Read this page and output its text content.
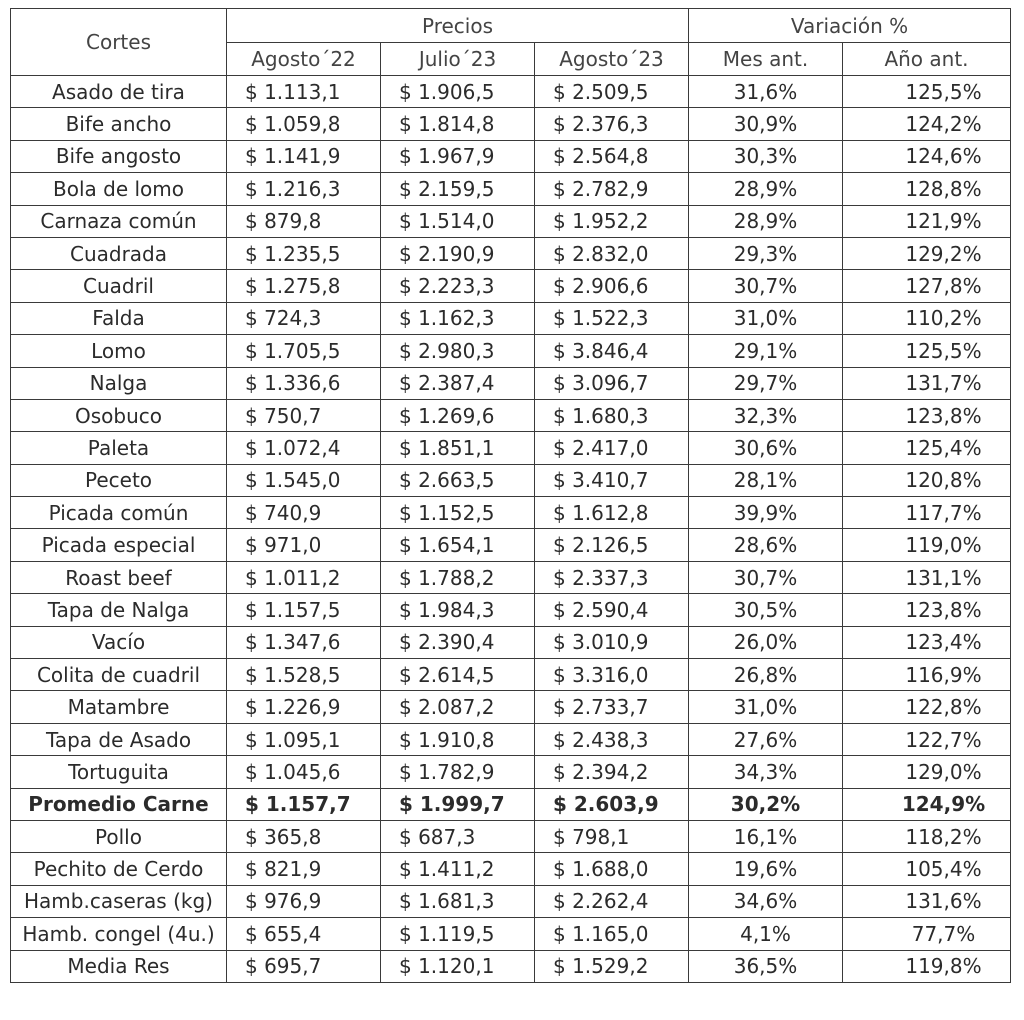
Cortes	Precios			Variación %	
	Agosto´22	Julio´23	Agosto´23	Mes ant.	Año ant.
Asado de tira	$ 1.113,1	$ 1.906,5	$ 2.509,5	31,6%	125,5%
Bife ancho	$ 1.059,8	$ 1.814,8	$ 2.376,3	30,9%	124,2%
Bife angosto	$ 1.141,9	$ 1.967,9	$ 2.564,8	30,3%	124,6%
Bola de lomo	$ 1.216,3	$ 2.159,5	$ 2.782,9	28,9%	128,8%
Carnaza común	$ 879,8	$ 1.514,0	$ 1.952,2	28,9%	121,9%
Cuadrada	$ 1.235,5	$ 2.190,9	$ 2.832,0	29,3%	129,2%
Cuadril	$ 1.275,8	$ 2.223,3	$ 2.906,6	30,7%	127,8%
Falda	$ 724,3	$ 1.162,3	$ 1.522,3	31,0%	110,2%
Lomo	$ 1.705,5	$ 2.980,3	$ 3.846,4	29,1%	125,5%
Nalga	$ 1.336,6	$ 2.387,4	$ 3.096,7	29,7%	131,7%
Osobuco	$ 750,7	$ 1.269,6	$ 1.680,3	32,3%	123,8%
Paleta	$ 1.072,4	$ 1.851,1	$ 2.417,0	30,6%	125,4%
Peceto	$ 1.545,0	$ 2.663,5	$ 3.410,7	28,1%	120,8%
Picada común	$ 740,9	$ 1.152,5	$ 1.612,8	39,9%	117,7%
Picada especial	$ 971,0	$ 1.654,1	$ 2.126,5	28,6%	119,0%
Roast beef	$ 1.011,2	$ 1.788,2	$ 2.337,3	30,7%	131,1%
Tapa de Nalga	$ 1.157,5	$ 1.984,3	$ 2.590,4	30,5%	123,8%
Vacío	$ 1.347,6	$ 2.390,4	$ 3.010,9	26,0%	123,4%
Colita de cuadril	$ 1.528,5	$ 2.614,5	$ 3.316,0	26,8%	116,9%
Matambre	$ 1.226,9	$ 2.087,2	$ 2.733,7	31,0%	122,8%
Tapa de Asado	$ 1.095,1	$ 1.910,8	$ 2.438,3	27,6%	122,7%
Tortuguita	$ 1.045,6	$ 1.782,9	$ 2.394,2	34,3%	129,0%
Promedio Carne	$ 1.157,7	$ 1.999,7	$ 2.603,9	30,2%	124,9%
Pollo	$ 365,8	$ 687,3	$ 798,1	16,1%	118,2%
Pechito de Cerdo	$ 821,9	$ 1.411,2	$ 1.688,0	19,6%	105,4%
Hamb.caseras (kg)	$ 976,9	$ 1.681,3	$ 2.262,4	34,6%	131,6%
Hamb. congel (4u.)	$ 655,4	$ 1.119,5	$ 1.165,0	4,1%	77,7%
Media Res	$ 695,7	$ 1.120,1	$ 1.529,2	36,5%	119,8%
